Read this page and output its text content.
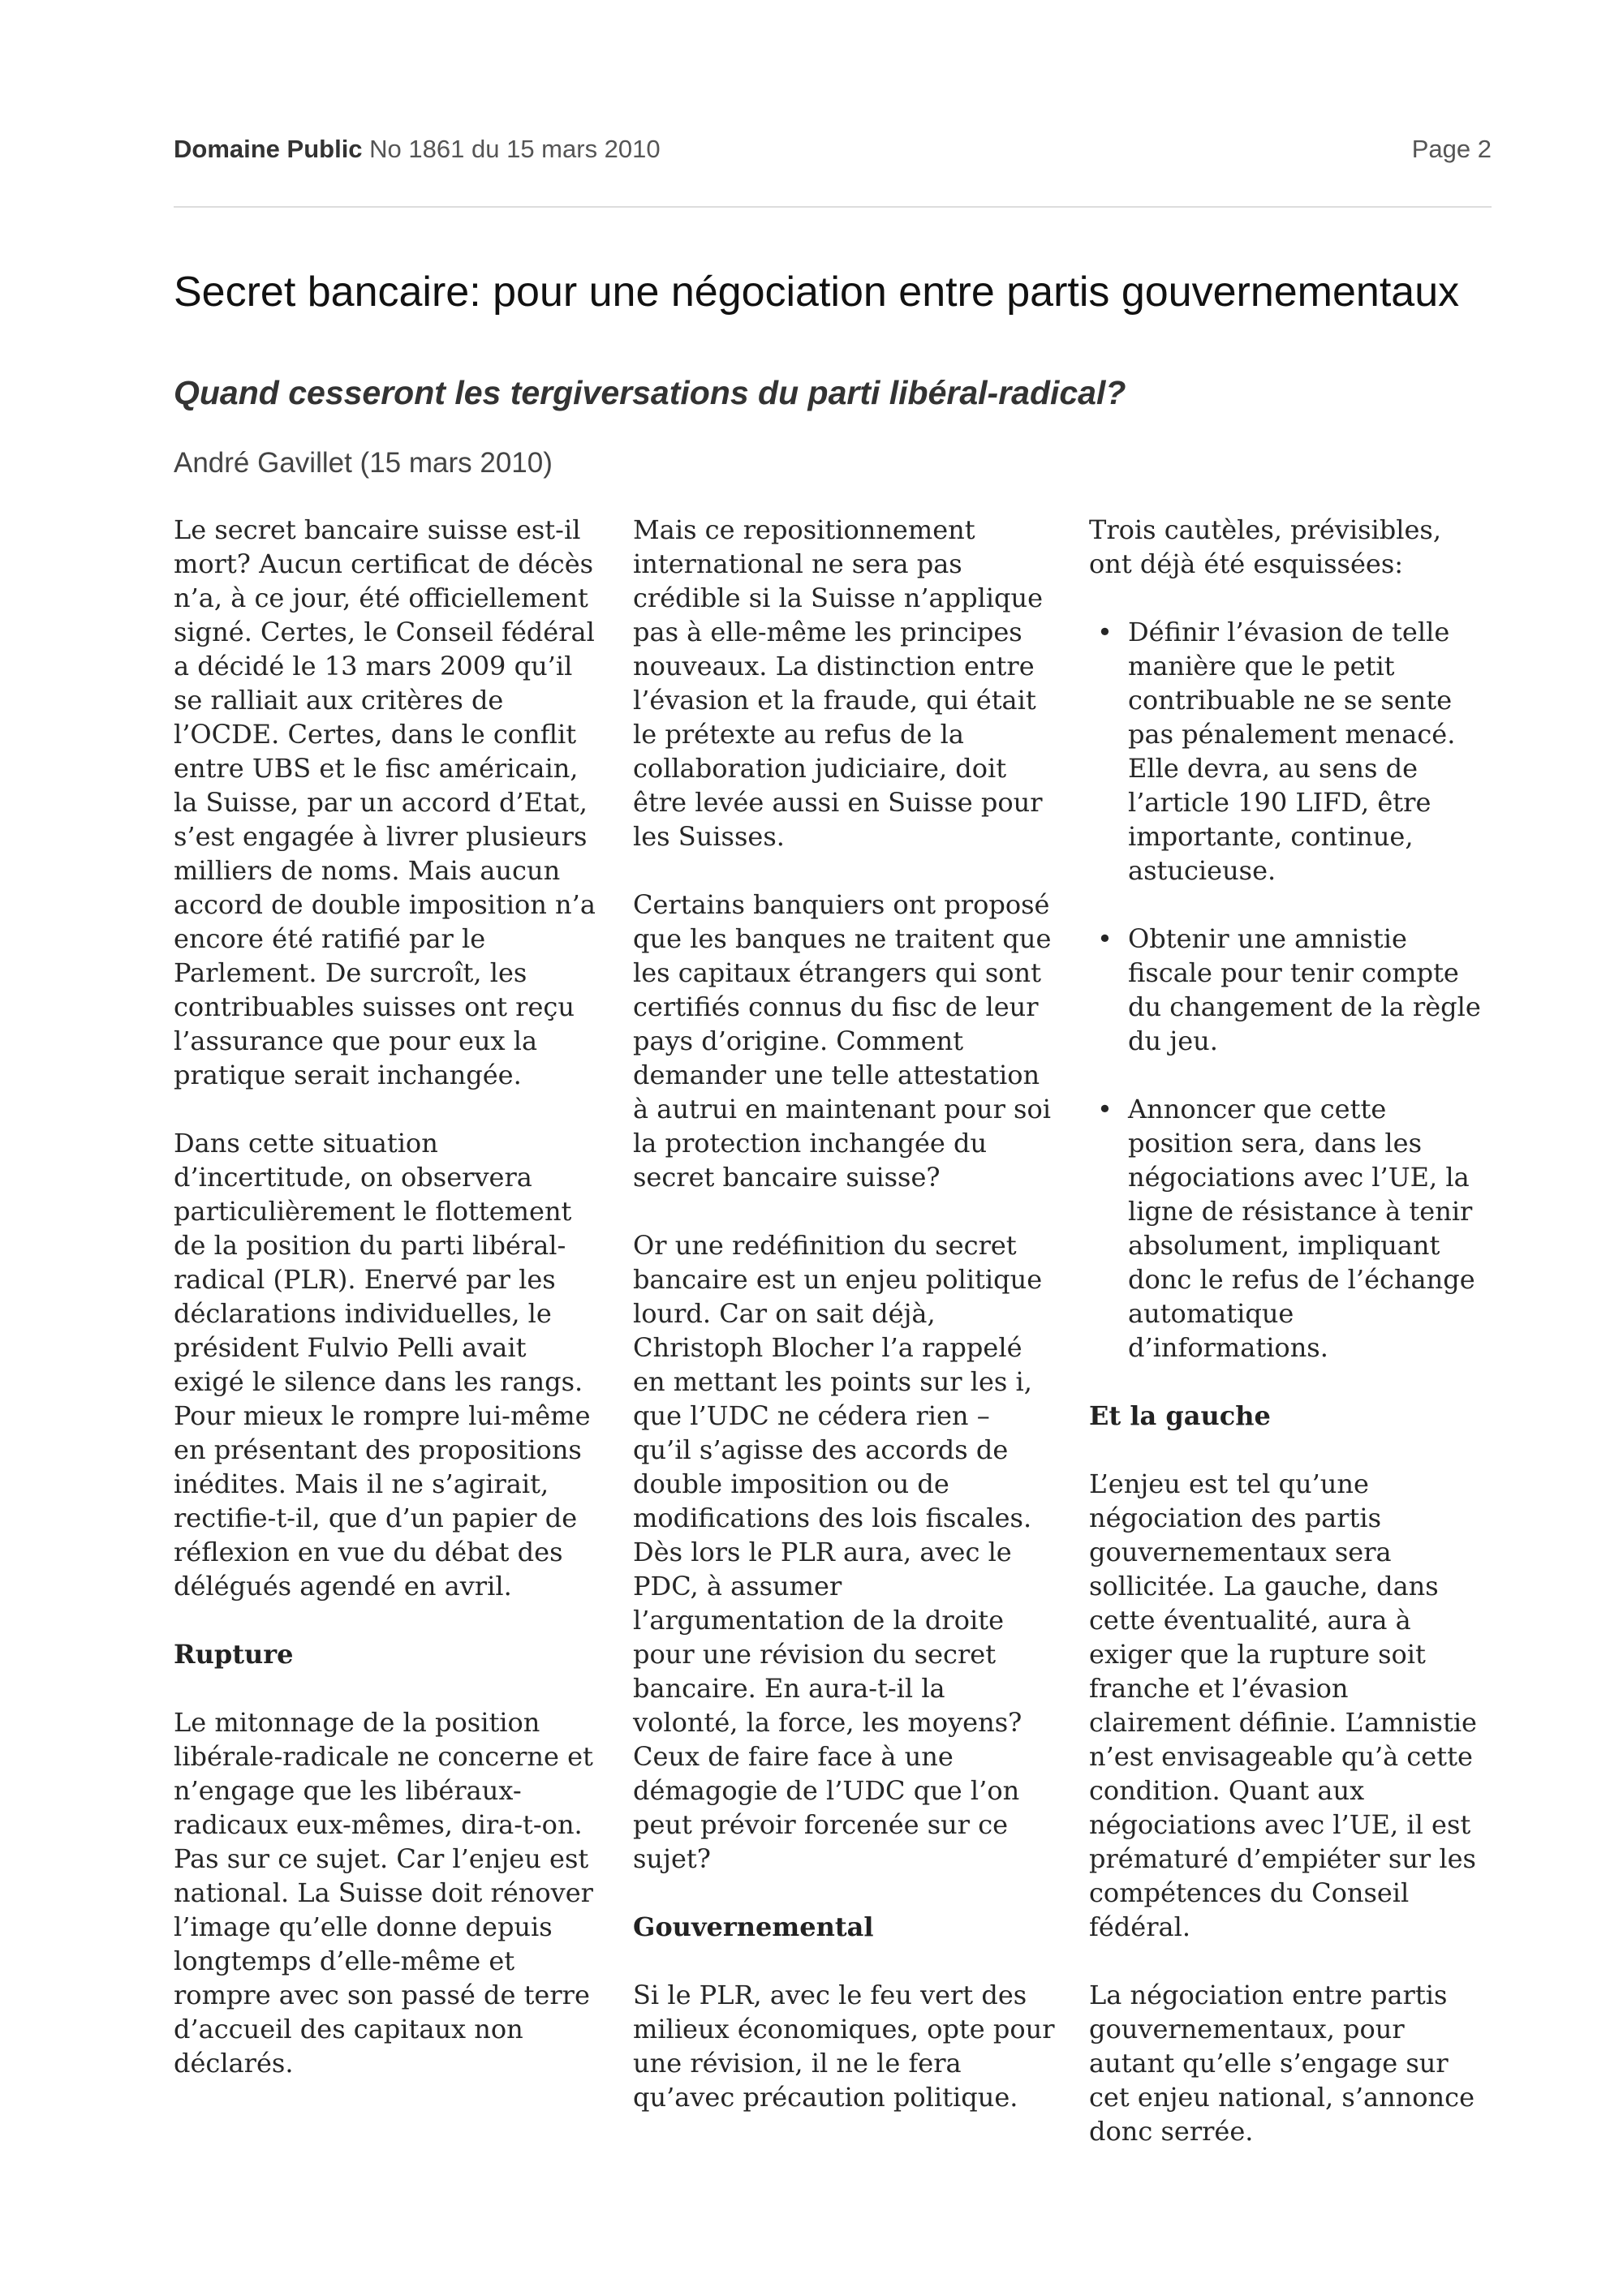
Domaine Public No 1861 du 15 mars 2010	Page 2
Secret bancaire: pour une négociation entre partis gouvernementaux
Quand cesseront les tergiversations du parti libéral-radical?

André Gavillet (15 mars 2010)

Le secret bancaire suisse est-il mort? Aucun certificat de décès n’a, à ce jour, été officiellement signé. Certes, le Conseil fédéral a décidé le 13 mars 2009 qu’il se ralliait aux critères de l’OCDE. Certes, dans le conflit entre UBS et le fisc américain, la Suisse, par un accord d’Etat, s’est engagée à livrer plusieurs milliers de noms. Mais aucun accord de double imposition n’a encore été ratifié par le Parlement. De surcroît, les contribuables suisses ont reçu l’assurance que pour eux la pratique serait inchangée.

Dans cette situation d’incertitude, on observera particulièrement le flottement de la position du parti libéral-radical (PLR). Enervé par les déclarations individuelles, le président Fulvio Pelli avait exigé le silence dans les rangs. Pour mieux le rompre lui-même en présentant des propositions inédites. Mais il ne s’agirait, rectifie-t-il, que d’un papier de réflexion en vue du débat des délégués agendé en avril.

Rupture

Le mitonnage de la position libérale-radicale ne concerne et n’engage que les libéraux-radicaux eux-mêmes, dira-t-on. Pas sur ce sujet. Car l’enjeu est national. La Suisse doit rénover l’image qu’elle donne depuis longtemps d’elle-même et rompre avec son passé de terre d’accueil des capitaux non déclarés.

Mais ce repositionnement international ne sera pas crédible si la Suisse n’applique pas à elle-même les principes nouveaux. La distinction entre l’évasion et la fraude, qui était le prétexte au refus de la collaboration judiciaire, doit être levée aussi en Suisse pour les Suisses.

Certains banquiers ont proposé que les banques ne traitent que les capitaux étrangers qui sont certifiés connus du fisc de leur pays d’origine. Comment demander une telle attestation à autrui en maintenant pour soi la protection inchangée du secret bancaire suisse?

Or une redéfinition du secret bancaire est un enjeu politique lourd. Car on sait déjà, Christoph Blocher l’a rappelé en mettant les points sur les i, que l’UDC ne cédera rien – qu’il s’agisse des accords de double imposition ou de modifications des lois fiscales. Dès lors le PLR aura, avec le PDC, à assumer l’argumentation de la droite pour une révision du secret bancaire. En aura-t-il la volonté, la force, les moyens? Ceux de faire face à une démagogie de l’UDC que l’on peut prévoir forcenée sur ce sujet?

Gouvernemental

Si le PLR, avec le feu vert des milieux économiques, opte pour une révision, il ne le fera qu’avec précaution politique.

Trois cautèles, prévisibles, ont déjà été esquissées:

• Définir l’évasion de telle manière que le petit contribuable ne se sente pas pénalement menacé. Elle devra, au sens de l’article 190 LIFD, être importante, continue, astucieuse.
• Obtenir une amnistie fiscale pour tenir compte du changement de la règle du jeu.
• Annoncer que cette position sera, dans les négociations avec l’UE, la ligne de résistance à tenir absolument, impliquant donc le refus de l’échange automatique d’informations.
Et la gauche

L’enjeu est tel qu’une négociation des partis gouvernementaux sera sollicitée. La gauche, dans cette éventualité, aura à exiger que la rupture soit franche et l’évasion clairement définie. L’amnistie n’est envisageable qu’à cette condition. Quant aux négociations avec l’UE, il est prématuré d’empiéter sur les compétences du Conseil fédéral.

La négociation entre partis gouvernementaux, pour autant qu’elle s’engage sur cet enjeu national, s’annonce donc serrée.
